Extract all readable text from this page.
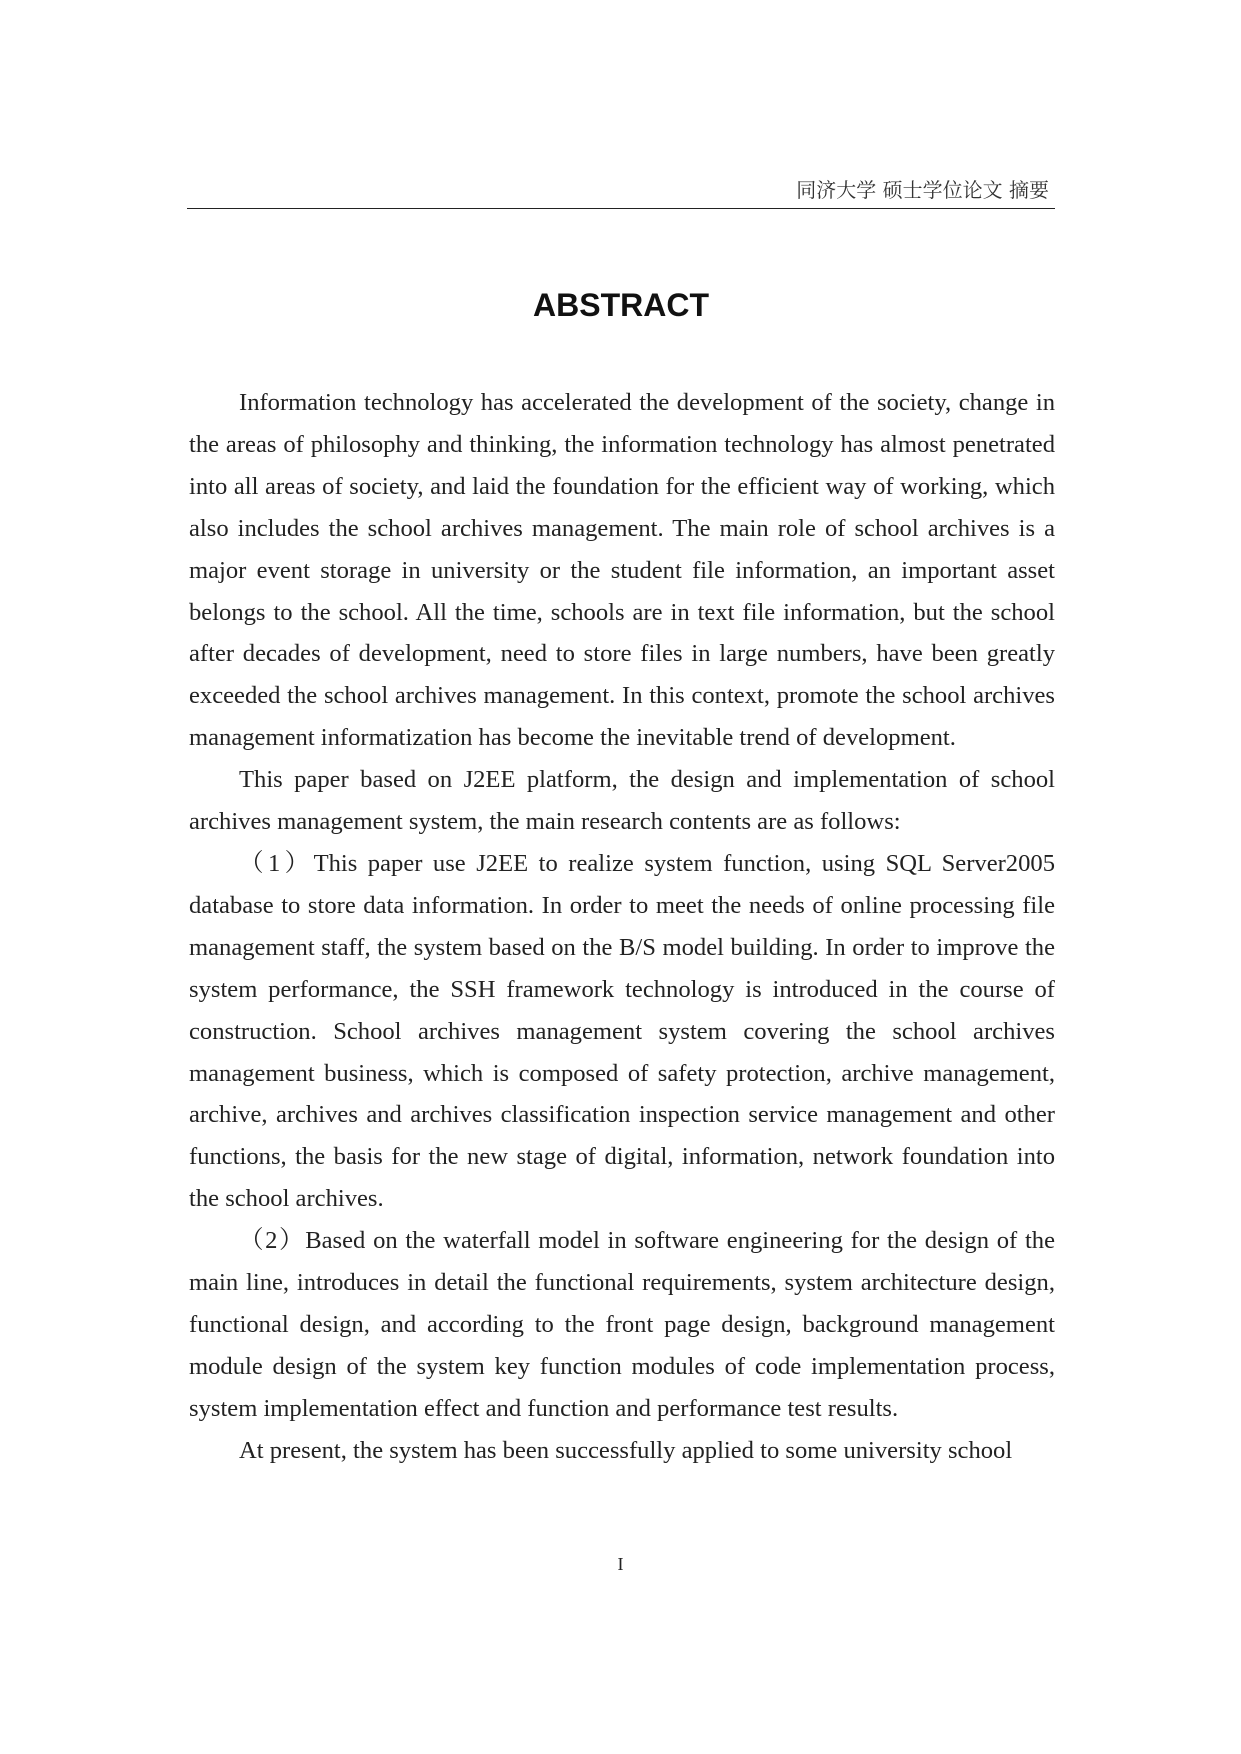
同济大学 硕士学位论文 摘要
ABSTRACT

Information technology has accelerated the development of the society, change in the areas of philosophy and thinking, the information technology has almost penetrated into all areas of society, and laid the foundation for the efficient way of working, which also includes the school archives management. The main role of school archives is a major event storage in university or the student file information, an important asset belongs to the school. All the time, schools are in text file information, but the school after decades of development, need to store files in large numbers, have been greatly exceeded the school archives management. In this context, promote the school archives management informatization has become the inevitable trend of development.

This paper based on J2EE platform, the design and implementation of school archives management system, the main research contents are as follows:

（1）This paper use J2EE to realize system function, using SQL Server2005 database to store data information. In order to meet the needs of online processing file management staff, the system based on the B/S model building. In order to improve the system performance, the SSH framework technology is introduced in the course of construction. School archives management system covering the school archives management business, which is composed of safety protection, archive management, archive, archives and archives classification inspection service management and other functions, the basis for the new stage of digital, information, network foundation into the school archives.

（2）Based on the waterfall model in software engineering for the design of the main line, introduces in detail the functional requirements, system architecture design, functional design, and according to the front page design, background management module design of the system key function modules of code implementation process, system implementation effect and function and performance test results.

At present, the system has been successfully applied to some university school

I
